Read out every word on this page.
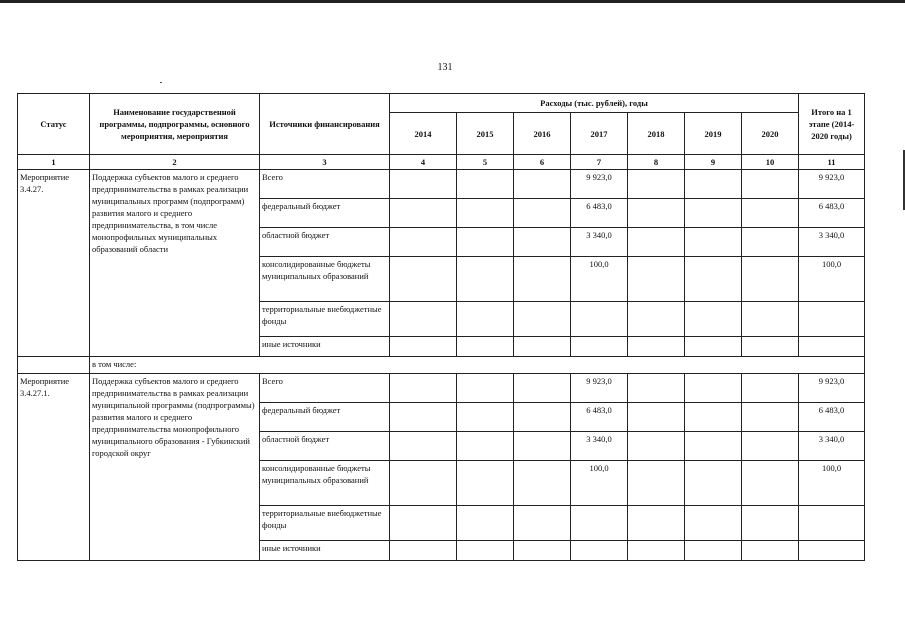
131
Статус	Наименование государственной программы, подпрограммы, основного мероприятия, мероприятия	Источники финансирования	Расходы (тыс. рублей), годы							Итого на 1 этапе (2014-2020 годы)
			2014	2015	2016	2017	2018	2019	2020	
1	2	3	4	5	6	7	8	9	10	11
Мероприятие 3.4.27.	Поддержка субъектов малого и среднего предпринимательства в рамках реализации муниципальных программ (подпрограмм) развития малого и среднего предпринимательства, в том числе монопрофильных муниципальных образований области	Всего				9 923,0				9 923,0
		федеральный бюджет				6 483,0				6 483,0
		областной бюджет				3 340,0				3 340,0
		консолидированные бюджеты муниципальных образований				100,0				100,0
		территориальные внебюджетные фонды								
		иные источники								
	в том числе:									
Мероприятие 3.4.27.1.	Поддержка субъектов малого и среднего предпринимательства в рамках реализации муниципальной программы (подпрограммы) развития малого и среднего предпринимательства монопрофильного муниципального образования - Губкинский городской округ	Всего				9 923,0				9 923,0
		федеральный бюджет				6 483,0				6 483,0
		областной бюджет				3 340,0				3 340,0
		консолидированные бюджеты муниципальных образований				100,0				100,0
		территориальные внебюджетные фонды								
		иные источники								
